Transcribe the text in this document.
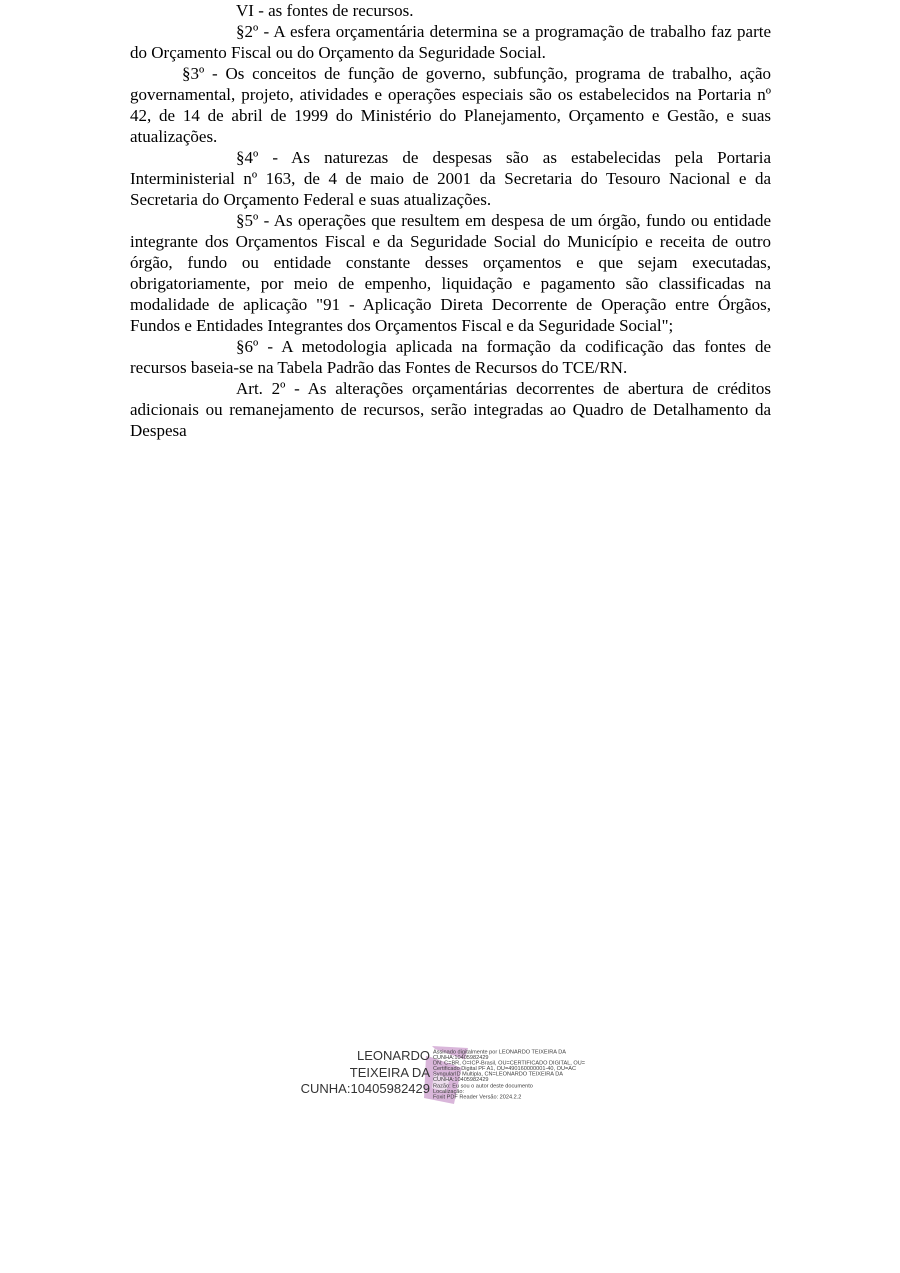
VI - as fontes de recursos.

§2º - A esfera orçamentária determina se a programação de trabalho faz parte do Orçamento Fiscal ou do Orçamento da Seguridade Social.

§3º - Os conceitos de função de governo, subfunção, programa de trabalho, ação governamental, projeto, atividades e operações especiais são os estabelecidos na Portaria nº 42, de 14 de abril de 1999 do Ministério do Planejamento, Orçamento e Gestão, e suas atualizações.

§4º - As naturezas de despesas são as estabelecidas pela Portaria Interministerial nº 163, de 4 de maio de 2001 da Secretaria do Tesouro Nacional e da Secretaria do Orçamento Federal e suas atualizações.

§5º - As operações que resultem em despesa de um órgão, fundo ou entidade integrante dos Orçamentos Fiscal e da Seguridade Social do Município e receita de outro órgão, fundo ou entidade constante desses orçamentos e que sejam executadas, obrigatoriamente, por meio de empenho, liquidação e pagamento são classificadas na modalidade de aplicação "91 - Aplicação Direta Decorrente de Operação entre Órgãos, Fundos e Entidades Integrantes dos Orçamentos Fiscal e da Seguridade Social";

§6º - A metodologia aplicada na formação da codificação das fontes de recursos baseia-se na Tabela Padrão das Fontes de Recursos do TCE/RN.

Art. 2º - As alterações orçamentárias decorrentes de abertura de créditos adicionais ou remanejamento de recursos, serão integradas ao Quadro de Detalhamento da Despesa

LEONARDO
TEIXEIRA DA
CUNHA:10405982429
Assinado digitalmente por LEONARDO TEIXEIRA DA
CUNHA:10405982429
DN: C=BR, O=ICP-Brasil, OU=CERTIFICADO DIGITAL, OU=
Certificado Digital PF A1, OU=490160000001-40, OU=AC
SyngularID Multipla, CN=LEONARDO TEIXEIRA DA
CUNHA:10405982429
Razão: Eu sou o autor deste documento
Localização:
Foxit PDF Reader Versão: 2024.2.2
